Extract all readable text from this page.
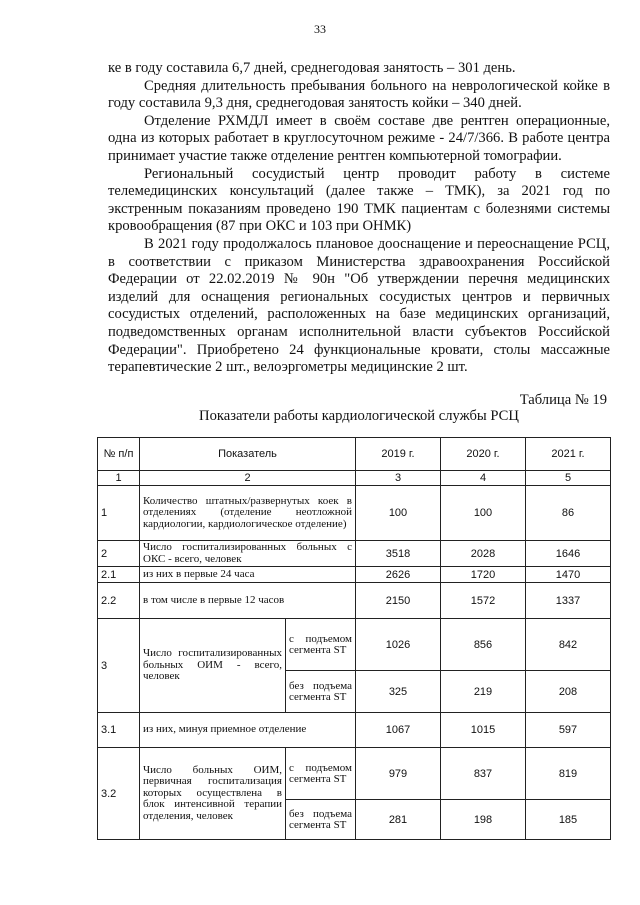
33

ке в году составила 6,7 дней, среднегодовая занятость – 301 день.

Средняя длительность пребывания больного на неврологической койке в году составила 9,3 дня, среднегодовая занятость койки – 340 дней.

Отделение РХМДЛ имеет в своём составе две рентген операционные, одна из которых работает в круглосуточном режиме - 24/7/366. В работе центра принимает участие также отделение рентген компьютерной томографии.

Региональный сосудистый центр проводит работу в системе телемедицинских консультаций (далее также – ТМК), за 2021 год по экстренным показаниям проведено 190 ТМК пациентам с болезнями системы кровообращения (87 при ОКС и 103 при ОНМК)

В 2021 году продолжалось плановое дооснащение и переоснащение РСЦ, в соответствии с приказом Министерства здравоохранения Российской Федерации от 22.02.2019 № 90н "Об утверждении перечня медицинских изделий для оснащения региональных сосудистых центров и первичных сосудистых отделений, расположенных на базе медицинских организаций, подведомственных органам исполнительной власти субъектов Российской Федерации". Приобретено 24 функциональные кровати, столы массажные терапевтические 2 шт., велоэргометры медицинские 2 шт.

Таблица № 19
Показатели работы кардиологической службы РСЦ
№ п/п	Показатель		2019 г.	2020 г.	2021 г.
1	2		3	4	5
1	Количество штатных/развернутых коек в отделениях (отделение неотложной кардиологии, кардиологическое отделение)		100	100	86
2	Число госпитализированных больных с ОКС - всего, человек		3518	2028	1646
2.1	из них в первые 24 часа		2626	1720	1470
2.2	в том числе в первые 12 часов		2150	1572	1337
3	Число госпитализированных больных ОИМ - всего, человек	с подъемом сегмента ST	1026	856	842
		без подъема сегмента ST	325	219	208
3.1	из них, минуя приемное отделение		1067	1015	597
3.2	Число больных ОИМ, первичная госпитализация которых осуществлена в блок интенсивной терапии отделения, человек	с подъемом сегмента ST	979	837	819
		без подъема сегмента ST	281	198	185
